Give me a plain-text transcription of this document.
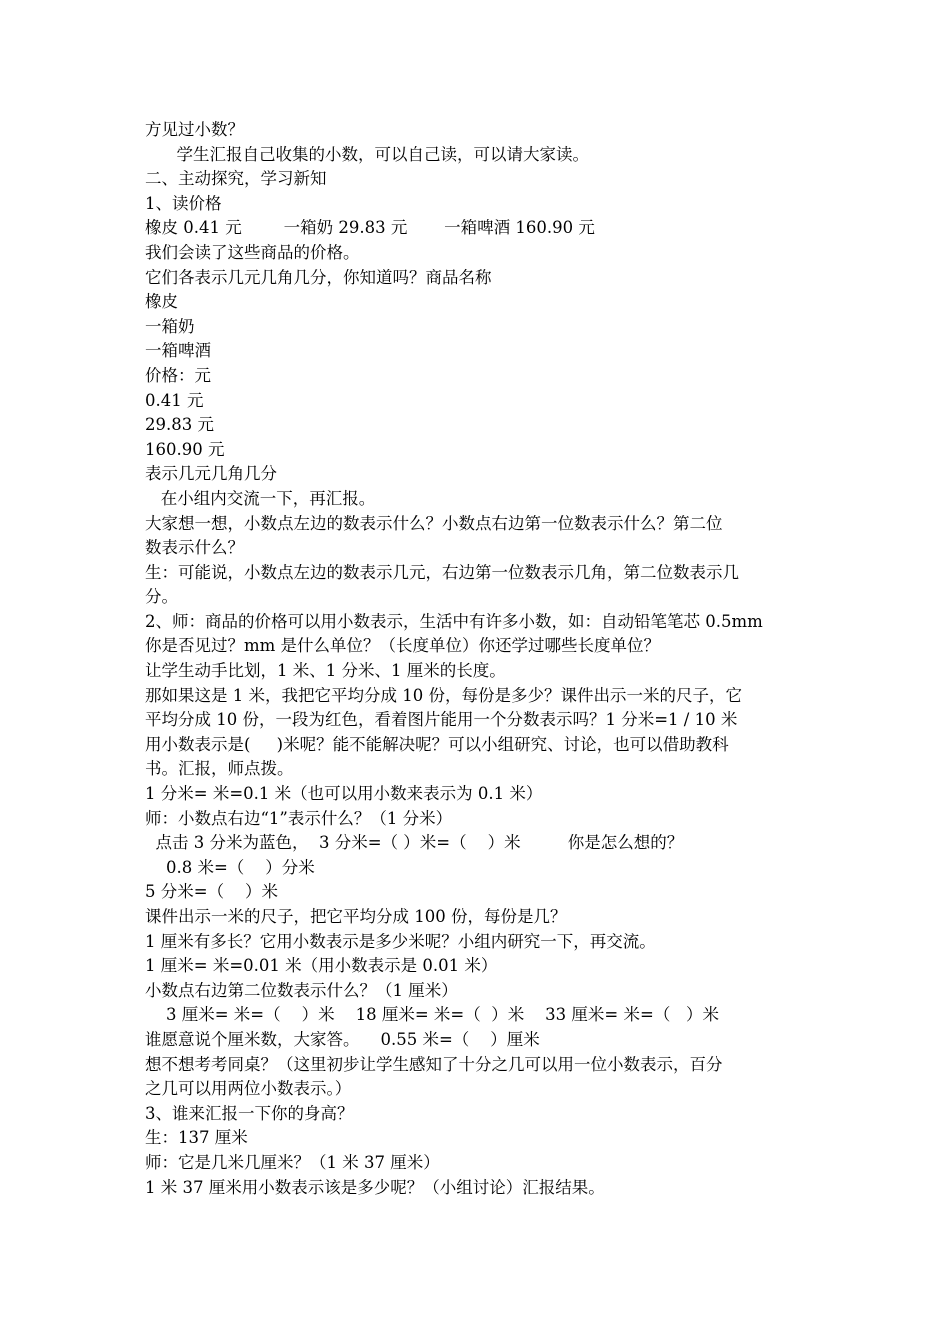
方见过小数？

学生汇报自己收集的小数，可以自己读，可以请大家读。

二、主动探究，学习新知

1、读价格

橡皮 0.41 元        一箱奶 29.83 元       一箱啤酒 160.90 元

我们会读了这些商品的价格。

它们各表示几元几角几分，你知道吗？商品名称

橡皮

一箱奶

一箱啤酒

价格：元

0.41 元

29.83 元

160.90 元

表示几元几角几分

在小组内交流一下，再汇报。

大家想一想，小数点左边的数表示什么？小数点右边第一位数表示什么？第二位

数表示什么？

生：可能说，小数点左边的数表示几元，右边第一位数表示几角，第二位数表示几

分。

2、师：商品的价格可以用小数表示，生活中有许多小数，如：自动铅笔笔芯 0.5mm

你是否见过？mm 是什么单位？（长度单位）你还学过哪些长度单位？

让学生动手比划，1 米、1 分米、1 厘米的长度。

那如果这是 1 米，我把它平均分成 10 份，每份是多少？课件出示一米的尺子，它

平均分成 10 份，一段为红色，看着图片能用一个分数表示吗？1 分米=1 / 10 米

用小数表示是(     )米呢？能不能解决呢？可以小组研究、讨论，也可以借助教科

书。汇报，师点拨。

1 分米= 米=0.1 米（也可以用小数来表示为 0.1 米）

师：小数点右边“1”表示什么？（1 分米）

点击 3 分米为蓝色，  3 分米=（ ）米=（    ）米         你是怎么想的？

0.8 米=（    ）分米

5 分米=（    ）米

课件出示一米的尺子，把它平均分成 100 份，每份是几？

1 厘米有多长？它用小数表示是多少米呢？小组内研究一下，再交流。

1 厘米= 米=0.01 米（用小数表示是 0.01 米）

小数点右边第二位数表示什么？（1 厘米）

3 厘米= 米=（    ）米    18 厘米= 米=（  ）米    33 厘米= 米=（   ）米

谁愿意说个厘米数，大家答。    0.55 米=（    ）厘米

想不想考考同桌？（这里初步让学生感知了十分之几可以用一位小数表示，百分

之几可以用两位小数表示。）

3、谁来汇报一下你的身高？

生：137 厘米

师：它是几米几厘米？（1 米 37 厘米）

1 米 37 厘米用小数表示该是多少呢？（小组讨论）汇报结果。
